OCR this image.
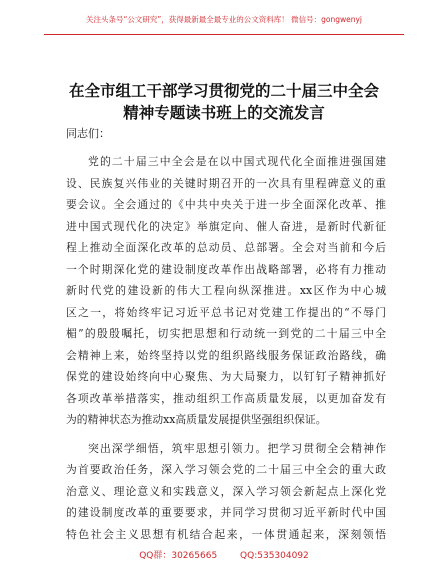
关注头条号“公文研究”，获得最新最全最专业的公文资料库！ 微信号：gongwenyj
在全市组工干部学习贯彻党的二十届三中全会
精神专题读书班上的交流发言
同志们：
党的二十届三中全会是在以中国式现代化全面推进强国建
设、民族复兴伟业的关键时期召开的一次具有里程碑意义的重
要会议。全会通过的《中共中央关于进一步全面深化改革、推
进中国式现代化的决定》举旗定向、催人奋进，是新时代新征
程上推动全面深化改革的总动员、总部署。全会对当前和今后
一个时期深化党的建设制度改革作出战略部署，必将有力推动
新时代党的建设新的伟大工程向纵深推进。xx区作为中心城
区之一，将始终牢记习近平总书记对党建工作提出的“不辱门
楣”的殷殷嘱托，切实把思想和行动统一到党的二十届三中全
会精神上来，始终坚持以党的组织路线服务保证政治路线，确
保党的建设始终向中心聚焦、为大局聚力，以钉钉子精神抓好
各项改革举措落实，推动组织工作高质量发展，以更加奋发有
为的精神状态为推动xx高质量发展提供坚强组织保证。
突出深学细悟，筑牢思想引领力。把学习贯彻全会精神作
为首要政治任务，深入学习领会党的二十届三中全会的重大政
治意义、理论意义和实践意义，深入学习领会新起点上深化党
的建设制度改革的重要要求，并同学习贯彻习近平新时代中国
特色社会主义思想有机结合起来，一体贯通起来，深刻领悟
QQ群：30265665	QQ:535304092
